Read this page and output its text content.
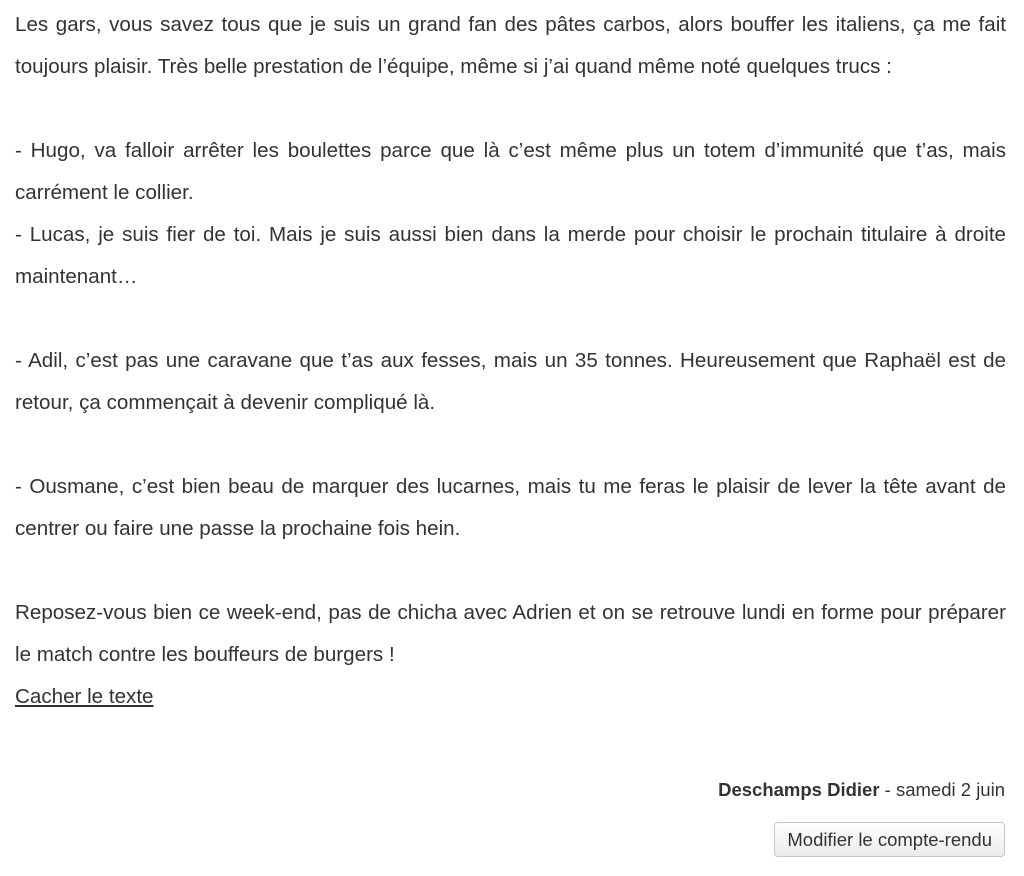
Les gars, vous savez tous que je suis un grand fan des pâtes carbos, alors bouffer les italiens, ça me fait toujours plaisir. Très belle prestation de l’équipe, même si j’ai quand même noté quelques trucs :

- Hugo, va falloir arrêter les boulettes parce que là c’est même plus un totem d’immunité que t’as, mais carrément le collier.

- Lucas, je suis fier de toi. Mais je suis aussi bien dans la merde pour choisir le prochain titulaire à droite maintenant…

- Adil, c’est pas une caravane que t’as aux fesses, mais un 35 tonnes. Heureusement que Raphaël est de retour, ça commençait à devenir compliqué là.

- Ousmane, c’est bien beau de marquer des lucarnes, mais tu me feras le plaisir de lever la tête avant de centrer ou faire une passe la prochaine fois hein.

Reposez-vous bien ce week-end, pas de chicha avec Adrien et on se retrouve lundi en forme pour préparer le match contre les bouffeurs de burgers !

Cacher le texte
Deschamps Didier - samedi 2 juin
Modifier le compte-rendu
